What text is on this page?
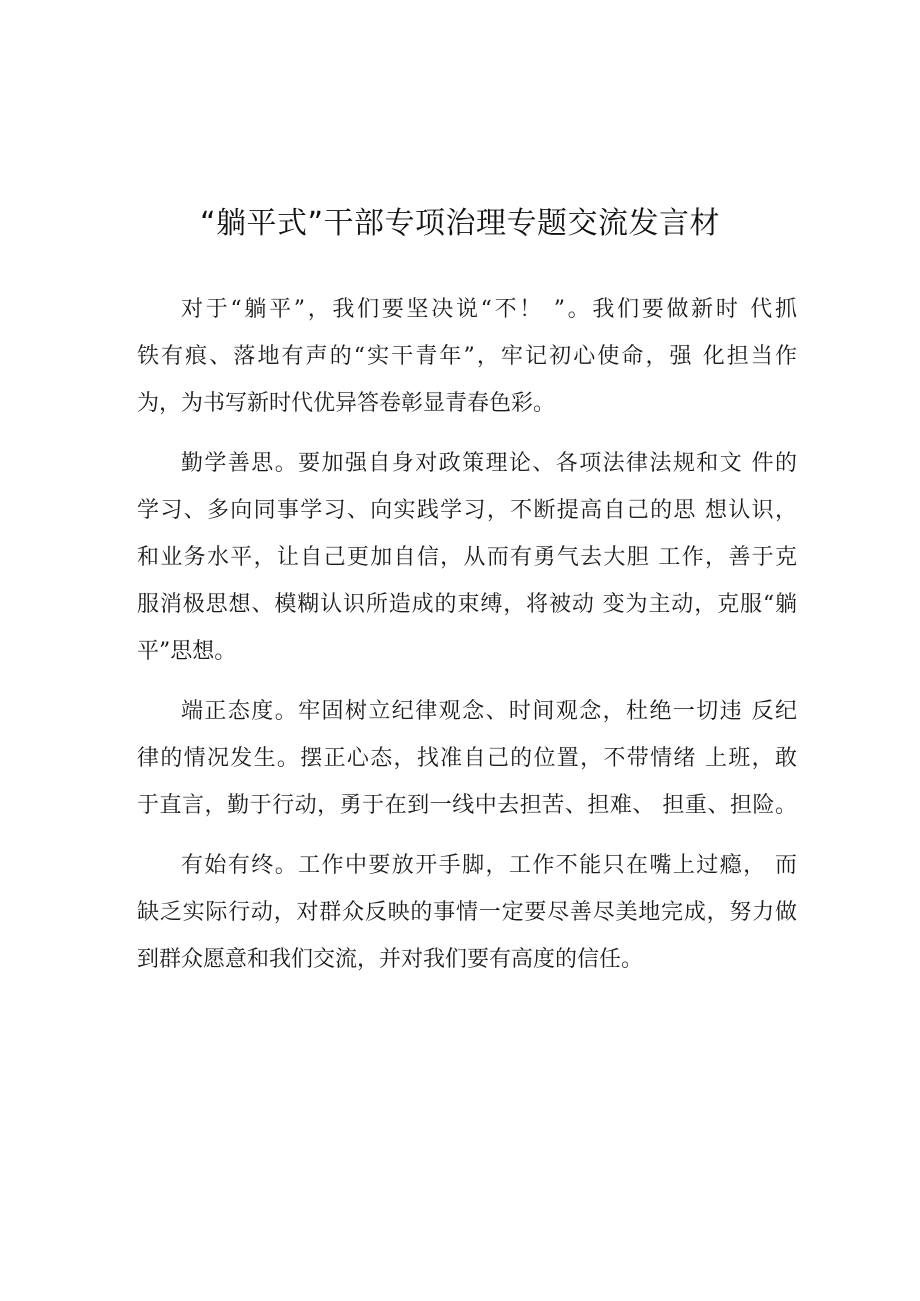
“躺平式”干部专项治理专题交流发言材
对于“躺平”，我们要坚决说“不！ ”。我们要做新时 代抓
铁有痕、落地有声的“实干青年”，牢记初心使命，强 化担当作
为，为书写新时代优异答卷彰显青春色彩。
勤学善思。要加强自身对政策理论、各项法律法规和文 件的
学习、多向同事学习、向实践学习，不断提高自己的思 想认识，
和业务水平，让自己更加自信，从而有勇气去大胆 工作，善于克
服消极思想、模糊认识所造成的束缚，将被动 变为主动，克服“躺
平”思想。
端正态度。牢固树立纪律观念、时间观念，杜绝一切违 反纪
律的情况发生。摆正心态，找准自己的位置，不带情绪 上班，敢
于直言，勤于行动，勇于在到一线中去担苦、担难、 担重、担险。
有始有终。工作中要放开手脚，工作不能只在嘴上过瘾， 而
缺乏实际行动，对群众反映的事情一定要尽善尽美地完成，努力做
到群众愿意和我们交流，并对我们要有高度的信任。
